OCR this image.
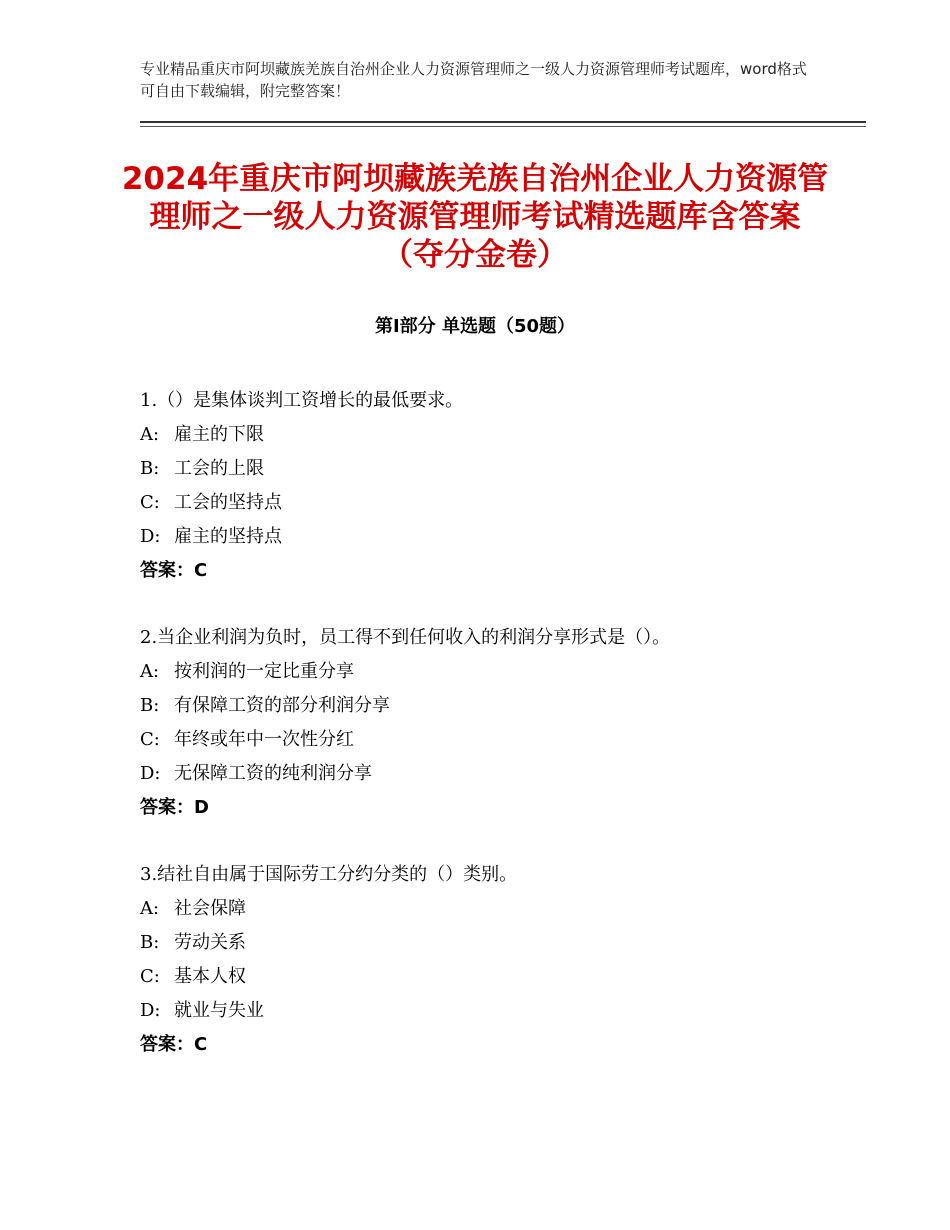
专业精品重庆市阿坝藏族羌族自治州企业人力资源管理师之一级人力资源管理师考试题库，word格式可自由下载编辑，附完整答案！
2024年重庆市阿坝藏族羌族自治州企业人力资源管理师之一级人力资源管理师考试精选题库含答案（夺分金卷）
第Ⅰ部分 单选题（50题）
1.（）是集体谈判工资增长的最低要求。
A: 雇主的下限
B: 工会的上限
C: 工会的坚持点
D: 雇主的坚持点
答案：C
2.当企业利润为负时，员工得不到任何收入的利润分享形式是（）。
A: 按利润的一定比重分享
B: 有保障工资的部分利润分享
C: 年终或年中一次性分红
D: 无保障工资的纯利润分享
答案：D
3.结社自由属于国际劳工分约分类的（）类别。
A: 社会保障
B: 劳动关系
C: 基本人权
D: 就业与失业
答案：C
